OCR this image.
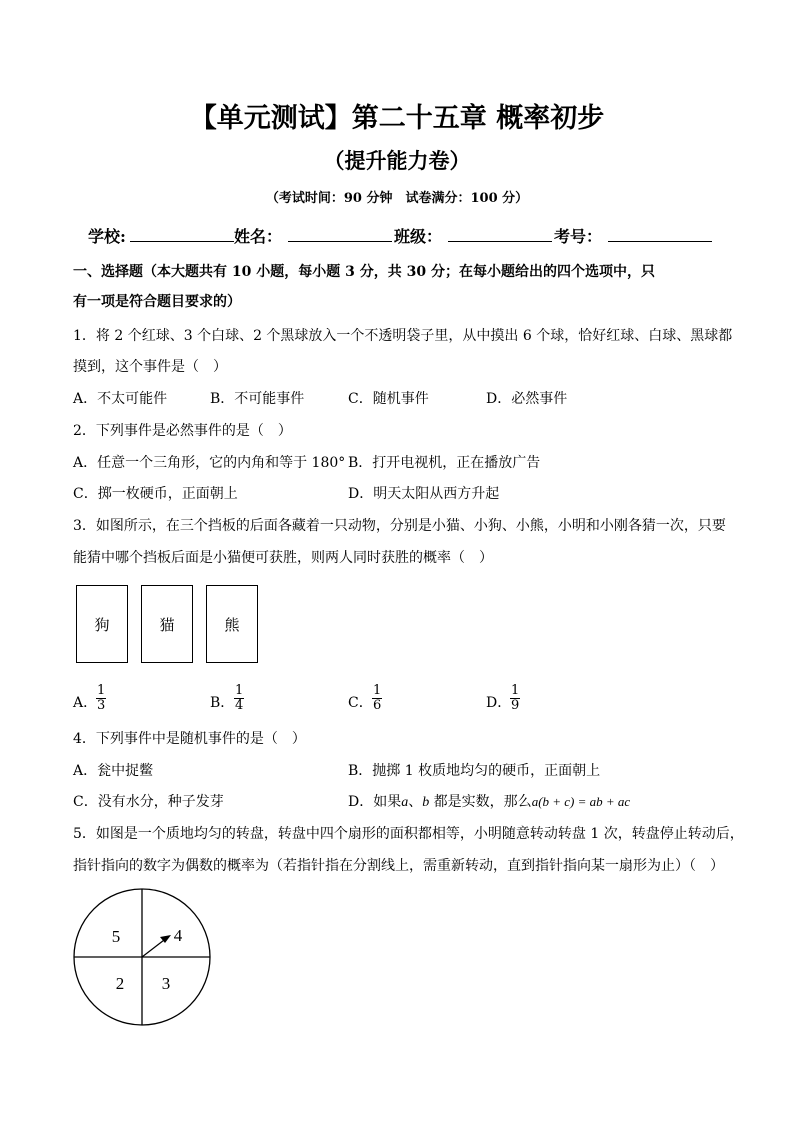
【单元测试】第二十五章 概率初步
（提升能力卷）
（考试时间：90 分钟　试卷满分：100 分）
学校:	姓名：	班级：	考号：
一、选择题（本大题共有 10 小题，每小题 3 分，共 30 分；在每小题给出的四个选项中，只
有一项是符合题目要求的）
1．将 2 个红球、3 个白球、2 个黑球放入一个不透明袋子里，从中摸出 6 个球，恰好红球、白球、黑球都
摸到，这个事件是（　）
A．不太可能件	B．不可能事件	C．随机事件	D．必然事件
2．下列事件是必然事件的是（　）
A．任意一个三角形，它的内角和等于 180° B．打开电视机，正在播放广告
C．掷一枚硬币，正面朝上	D．明天太阳从西方升起
3．如图所示，在三个挡板的后面各藏着一只动物，分别是小猫、小狗、小熊，小明和小刚各猜一次，只要
能猜中哪个挡板后面是小猫便可获胜，则两人同时获胜的概率（　）
狗	猫	熊
A．
$\frac{1}{3}$	B． $\frac{1}{4}$	C． $\frac{1}{6}$	D．
$\frac{1}{9}$
4．下列事件中是随机事件的是（　）
A．瓮中捉鳖	B．抛掷 1 枚质地均匀的硬币，正面朝上
C．没有水分，种子发芽	D．如果a、b 都是实数，那么a(b + c) = ab + ac
5．如图是一个质地均匀的转盘，转盘中四个扇形的面积都相等，小明随意转动转盘 1 次，转盘停止转动后，
指针指向的数字为偶数的概率为（若指针指在分割线上，需重新转动，直到指针指向某一扇形为止）（　）
5	4
2 3
